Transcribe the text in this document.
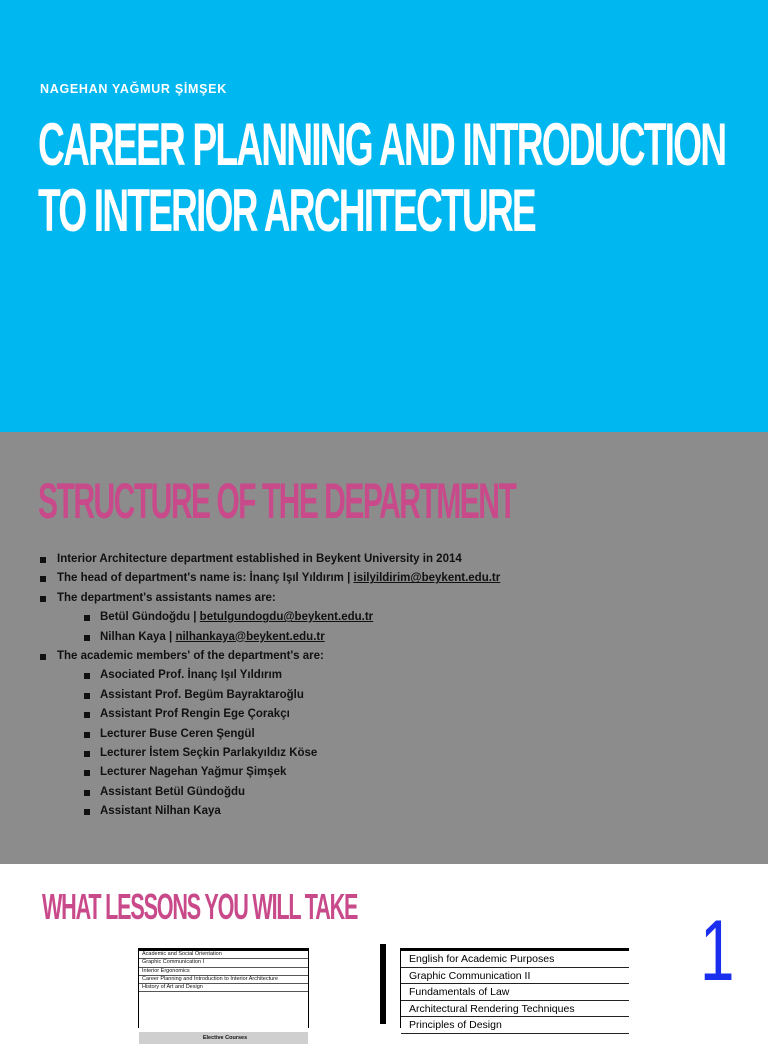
NAGEHAN YAĞMUR ŞİMŞEK
CAREER PLANNING AND INTRODUCTION
TO INTERIOR ARCHITECTURE
STRUCTURE OF THE DEPARTMENT
Interior Architecture department established in Beykent University in 2014
The head of department's name is: İnanç Işıl Yıldırım | isilyildirim@beykent.edu.tr
The department's assistants names are:
Betül Gündoğdu | betulgundogdu@beykent.edu.tr
Nilhan Kaya | nilhankaya@beykent.edu.tr
The academic members' of the department's are:
Asociated Prof. İnanç Işıl Yıldırım
Assistant Prof. Begüm Bayraktaroğlu
Assistant Prof Rengin Ege Çorakçı
Lecturer Buse Ceren Şengül
Lecturer İstem Seçkin Parlakyıldız Köse
Lecturer Nagehan Yağmur Şimşek
Assistant Betül Gündoğdu
Assistant Nilhan Kaya
WHAT LESSONS YOU WILL TAKE	1
Academic and Social Orientation
Graphic Communication I
Interior Ergonomics
Career Planning and Introduction to Interior Architecture
History of Art and Design
Elective Courses
English for Academic Purposes
Graphic Communication II
Fundamentals of Law
Architectural Rendering Techniques
Principles of Design
